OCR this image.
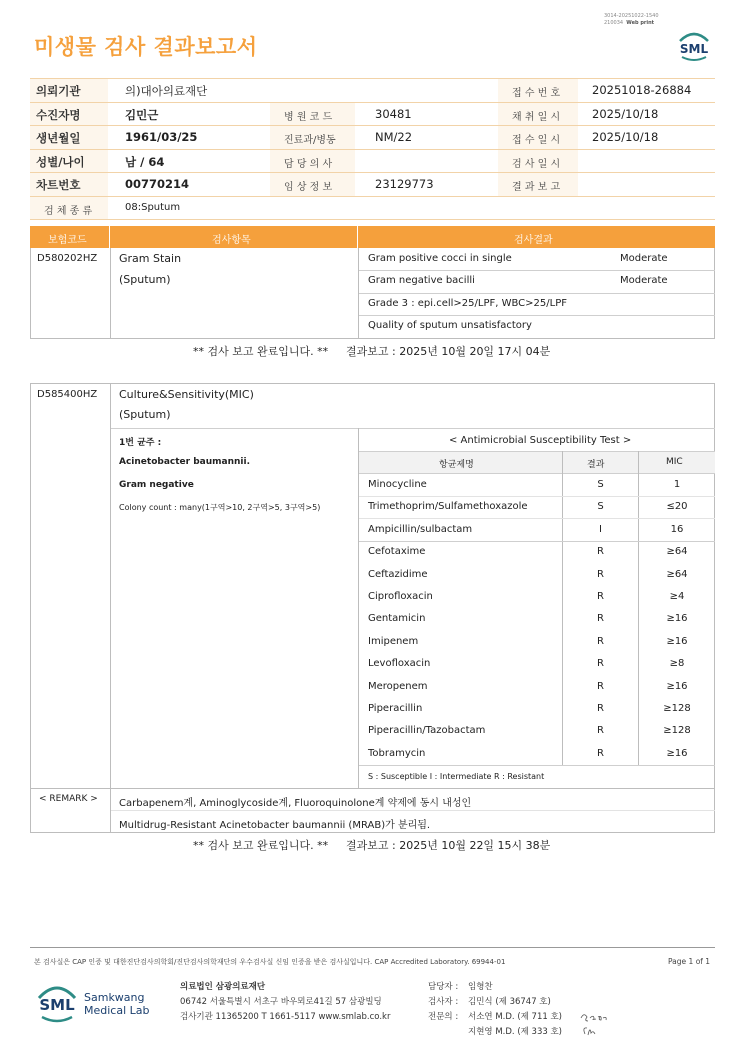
미생물 검사 결과보고서
3014-20251022-1540
210034 Web print
SML
의뢰기관	의)대아의료재단	접 수 번 호	20251018-26884
수진자명	김민근	병 원 코 드	30481	채 취 일 시	2025/10/18
생년월일	1961/03/25	진료과/병동	NM/22	접 수 일 시	2025/10/18
성별/나이	남 / 64	담 당 의 사	검 사 일 시
차트번호	00770214	임 상 정 보	23129773	결 과 보 고
검 체 종 류	08:Sputum
보험코드	검사항목	검사결과
D580202HZ Gram Stain
(Sputum)
Gram positive cocci in single	Moderate
Gram negative bacilli	Moderate
Grade 3 : epi.cell>25/LPF, WBC>25/LPF
Quality of sputum unsatisfactory
** 검사 보고 완료입니다. ** 결과보고 : 2025년 10월 20일 17시 04분
D585400HZ Culture&Sensitivity(MIC)
(Sputum)
1번 균주 :
Acinetobacter baumannii.
Gram negative
Colony count : many(1구역>10, 2구역>5, 3구역>5)
< Antimicrobial Susceptibility Test >
항균제명	결과	MIC
Minocycline	S	1
Trimethoprim/Sulfamethoxazole	S	≤20
Ampicillin/sulbactam	I	16
Cefotaxime	R	≥64
Ceftazidime	R	≥64
Ciprofloxacin	R	≥4
Gentamicin	R	≥16
Imipenem	R	≥16
Levofloxacin	R	≥8
Meropenem	R	≥16
Piperacillin	R	≥128
Piperacillin/Tazobactam	R	≥128
Tobramycin	R	≥16
S : Susceptible I : Intermediate R : Resistant
< REMARK > Carbapenem계, Aminoglycoside계, Fluoroquinolone계 약제에 동시 내성인
Multidrug-Resistant Acinetobacter baumannii (MRAB)가 분리됨.
** 검사 보고 완료입니다. ** 결과보고 : 2025년 10월 22일 15시 38분
본 검사실은 CAP 인증 및 대한진단검사의학회/진단검사의학재단의 우수검사실 신임 인증을 받은 검사실입니다. CAP Accredited Laboratory. 69944-01	Page 1 of 1
SML Samkwang
Medical Lab
의료법인 삼광의료재단
06742 서울특별시 서초구 바우뫼로41길 57 삼광빌딩
검사기관 11365200 T 1661-5117 www.smlab.co.kr
담당자 : 임형찬
검사자 : 김민식 (제 36747 호)
전문의 : 서소연 M.D. (제 711 호)
지현영 M.D. (제 333 호)
